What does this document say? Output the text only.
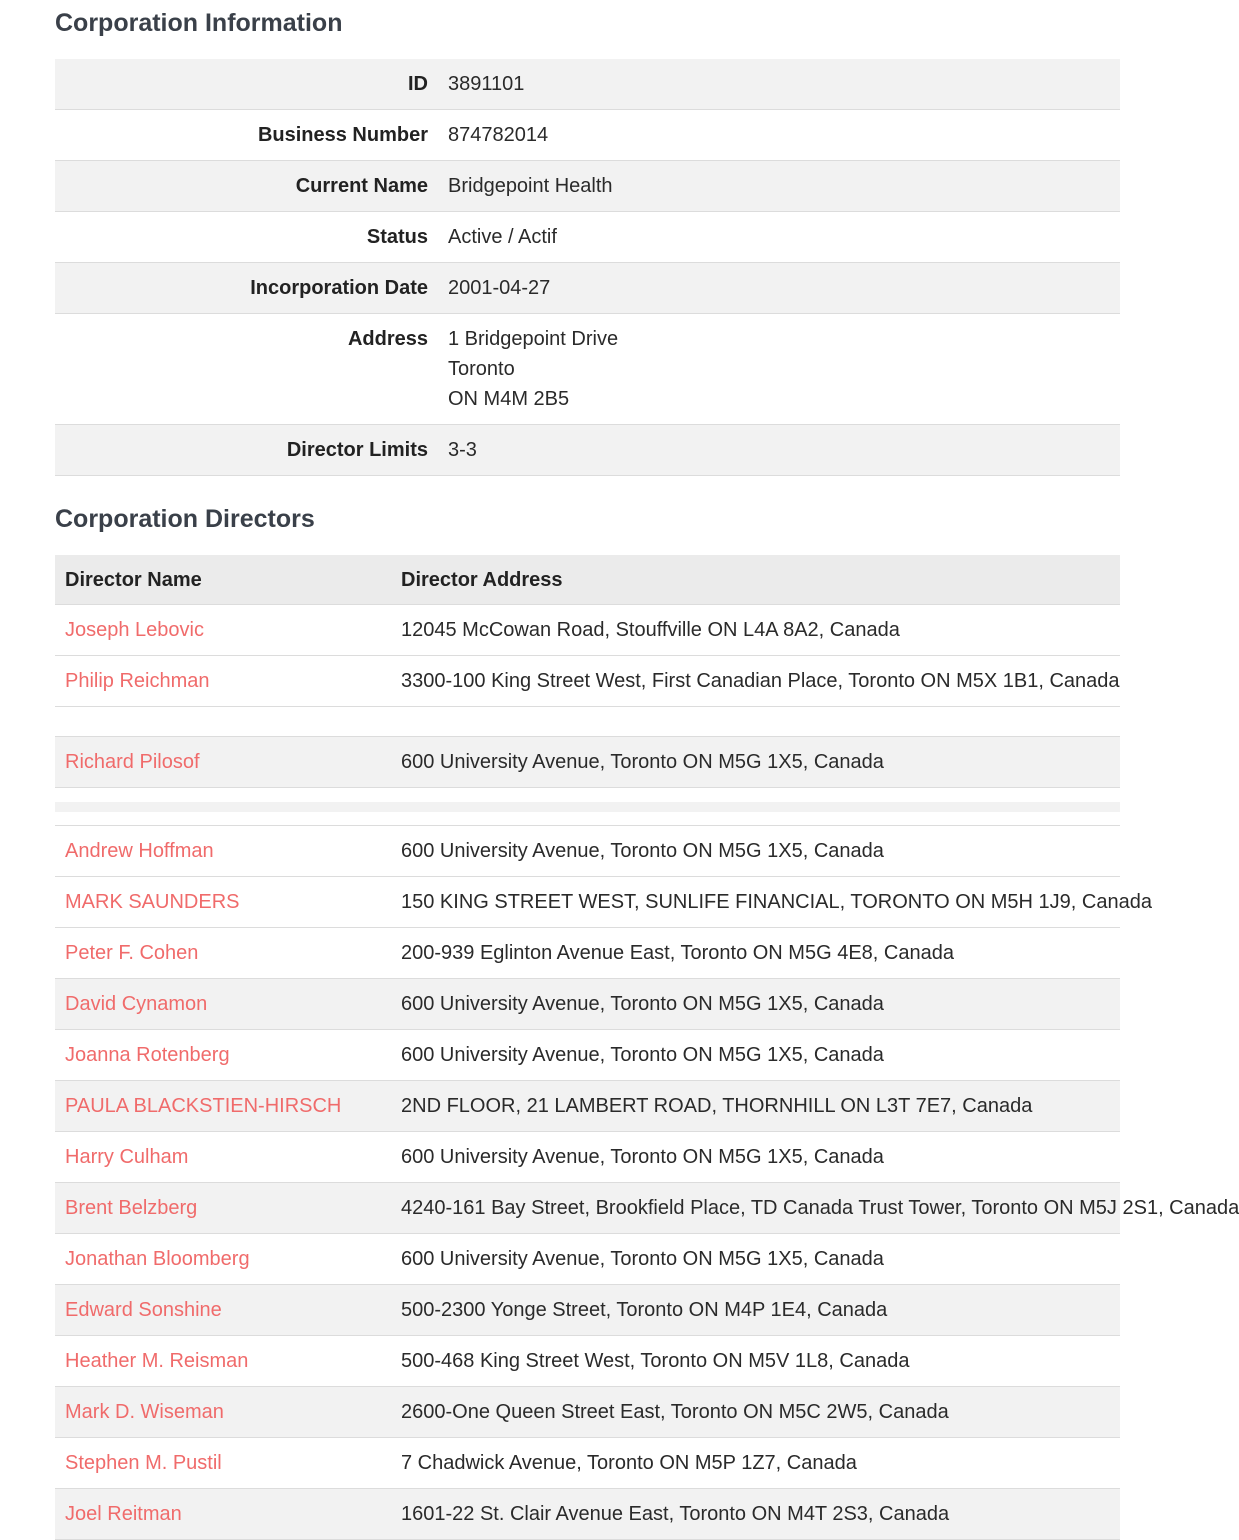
Corporation Information
ID	3891101
Business Number	874782014
Current Name	Bridgepoint Health
Status	Active / Actif
Incorporation Date	2001-04-27
Address	1 Bridgepoint Drive
Toronto
ON M4M 2B5
Director Limits	3-3
Corporation Directors
Director Name	Director Address
Joseph Lebovic	12045 McCowan Road, Stouffville ON L4A 8A2, Canada
Philip Reichman	3300-100 King Street West, First Canadian Place, Toronto ON M5X 1B1, Canada
Richard Pilosof	600 University Avenue, Toronto ON M5G 1X5, Canada
Andrew Hoffman	600 University Avenue, Toronto ON M5G 1X5, Canada
MARK SAUNDERS	150 KING STREET WEST, SUNLIFE FINANCIAL, TORONTO ON M5H 1J9, Canada
Peter F. Cohen	200-939 Eglinton Avenue East, Toronto ON M5G 4E8, Canada
David Cynamon	600 University Avenue, Toronto ON M5G 1X5, Canada
Joanna Rotenberg	600 University Avenue, Toronto ON M5G 1X5, Canada
PAULA BLACKSTIEN-HIRSCH	2ND FLOOR, 21 LAMBERT ROAD, THORNHILL ON L3T 7E7, Canada
Harry Culham	600 University Avenue, Toronto ON M5G 1X5, Canada
Brent Belzberg	4240-161 Bay Street, Brookfield Place, TD Canada Trust Tower, Toronto ON M5J 2S1, Canada
Jonathan Bloomberg	600 University Avenue, Toronto ON M5G 1X5, Canada
Edward Sonshine	500-2300 Yonge Street, Toronto ON M4P 1E4, Canada
Heather M. Reisman	500-468 King Street West, Toronto ON M5V 1L8, Canada
Mark D. Wiseman	2600-One Queen Street East, Toronto ON M5C 2W5, Canada
Stephen M. Pustil	7 Chadwick Avenue, Toronto ON M5P 1Z7, Canada
Joel Reitman	1601-22 St. Clair Avenue East, Toronto ON M4T 2S3, Canada
